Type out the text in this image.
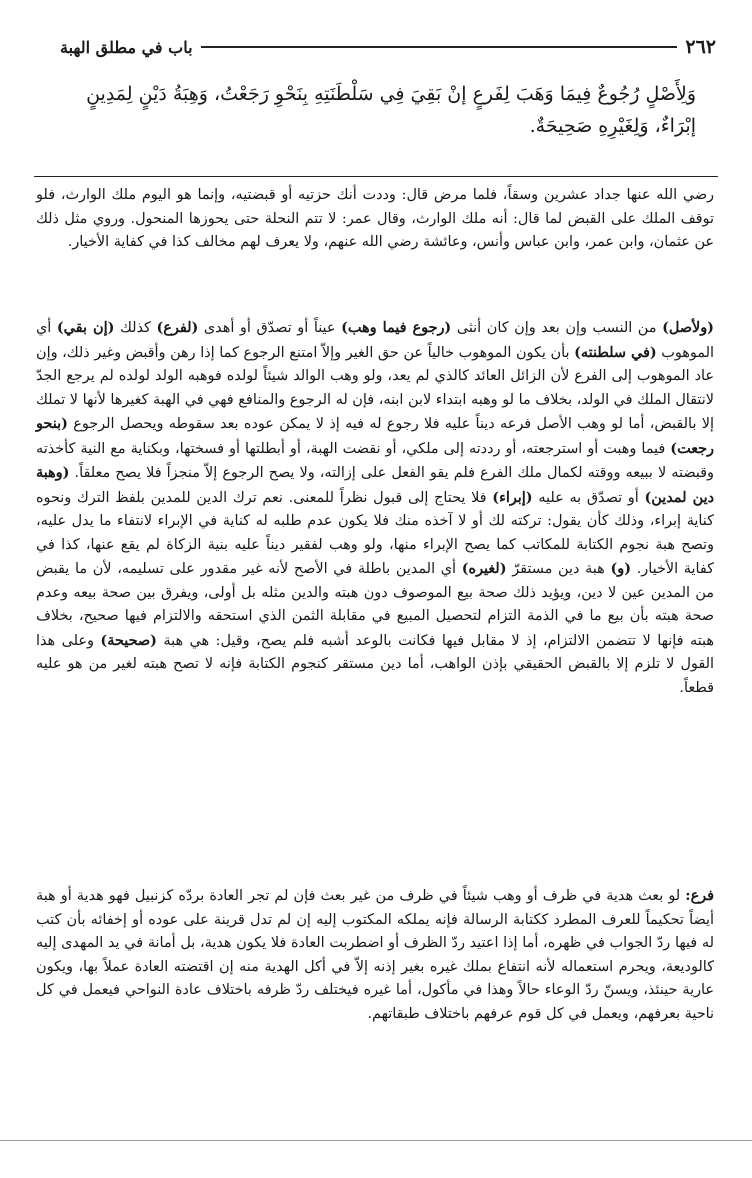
٢٦٢
باب في مطلق الهبة
وَلِأَصْلٍ رُجُوعٌ فِيمَا وَهَبَ لِفَرعٍ إنْ بَقِيَ فِي سَلْطَنَتِهِ بِنَحْوِ رَجَعْتُ، وَهِبَةُ دَيْنٍ لِمَدِينٍ
إبْرَاءٌ، وَلِغَيْرِهِ صَحِيحَةٌ.

رضي الله عنها جداد عشرين وسقاً، فلما مرض قال: وددت أنك حزتيه أو قبضتيه، وإنما هو اليوم ملك الوارث، فلو توقف الملك على القبض لما قال: أنه ملك الوارث، وقال عمر: لا تتم النحلة حتى يحوزها المنحول. وروي مثل ذلك عن عثمان، وابن عمر، وابن عباس وأنس، وعائشة رضي الله عنهم، ولا يعرف لهم مخالف كذا في كفاية الأخيار.

(ولأصل) من النسب وإن بعد وإن كان أنثى (رجوع فيما وهب) عيناً أو تصدّق أو أهدى (لفرع) كذلك (إن بقي) أي الموهوب (في سلطنته) بأن يكون الموهوب خالياً عن حق الغير وإلاّ امتنع الرجوع كما إذا رهن وأقبض وغير ذلك، وإن عاد الموهوب إلى الفرع لأن الزائل العائد كالذي لم يعد، ولو وهب الوالد شيئاً لولده فوهبه الولد لولده لم يرجع الجدّ لانتقال الملك في الولد، بخلاف ما لو وهبه ابتداء لابن ابنه، فإن له الرجوع والمنافع فهي في الهبة كغيرها لأنها لا تملك إلا بالقبض، أما لو وهب الأصل فرعه ديناً عليه فلا رجوع له فيه إذ لا يمكن عوده بعد سقوطه ويحصل الرجوع (بنحو رجعت) فيما وهبت أو استرجعته، أو رددته إلى ملكي، أو نقضت الهبة، أو أبطلتها أو فسختها، وبكناية مع النية كأخذته وقبضته لا ببيعه ووقته لكمال ملك الفرع فلم يقو الفعل على إزالته، ولا يصح الرجوع إلاّ منجزاً فلا يصح معلقاً. (وهبة دين لمدين) أو تصدّق به عليه (إبراء) فلا يحتاج إلى قبول نظراً للمعنى. نعم ترك الدين للمدين بلفظ الترك ونحوه كناية إبراء، وذلك كأن يقول: تركته لك أو لا آخذه منك فلا يكون عدم طلبه له كناية في الإبراء لانتفاء ما يدل عليه، وتصح هبة نجوم الكتابة للمكاتب كما يصح الإبراء منها، ولو وهب لفقير ديناً عليه بنية الزكاة لم يقع عنها، كذا في كفاية الأخيار. (و) هبة دين مستقرّ (لغيره) أي المدين باطلة في الأصح لأنه غير مقدور على تسليمه، لأن ما يقبض من المدين عين لا دين، ويؤيد ذلك صحة بيع الموصوف دون هبته والدين مثله بل أولى، ويفرق بين صحة بيعه وعدم صحة هبته بأن بيع ما في الذمة التزام لتحصيل المبيع في مقابلة الثمن الذي استحقه والالتزام فيها صحيح، بخلاف هبته فإنها لا تتضمن الالتزام، إذ لا مقابل فيها فكانت بالوعد أشبه فلم يصح، وقيل: هي هبة (صحيحة) وعلى هذا القول لا تلزم إلا بالقبض الحقيقي بإذن الواهب، أما دين مستقر كنجوم الكتابة فإنه لا تصح هبته لغير من هو عليه قطعاً.

فرع: لو بعث هدية في ظرف أو وهب شيئاً في ظرف من غير بعث فإن لم تجر العادة بردّه كزنبيل فهو هدية أو هبة أيضاً تحكيماً للعرف المطرد ككتابة الرسالة فإنه يملكه المكتوب إليه إن لم تدل قرينة على عوده أو إخفائه بأن كتب له فيها ردّ الجواب في ظهره، أما إذا اعتيد ردّ الظرف أو اضطربت العادة فلا يكون هدية، بل أمانة في يد المهدى إليه كالوديعة، ويحرم استعماله لأنه انتفاع بملك غيره بغير إذنه إلاّ في أكل الهدية منه إن اقتضته العادة عملاً بها، ويكون عارية حينئذ، ويسنّ ردّ الوعاء حالاً وهذا في مأكول، أما غيره فيختلف ردّ ظرفه باختلاف عادة النواحي فيعمل في كل ناحية بعرفهم، ويعمل في كل قوم عرفهم باختلاف طبقاتهم.
